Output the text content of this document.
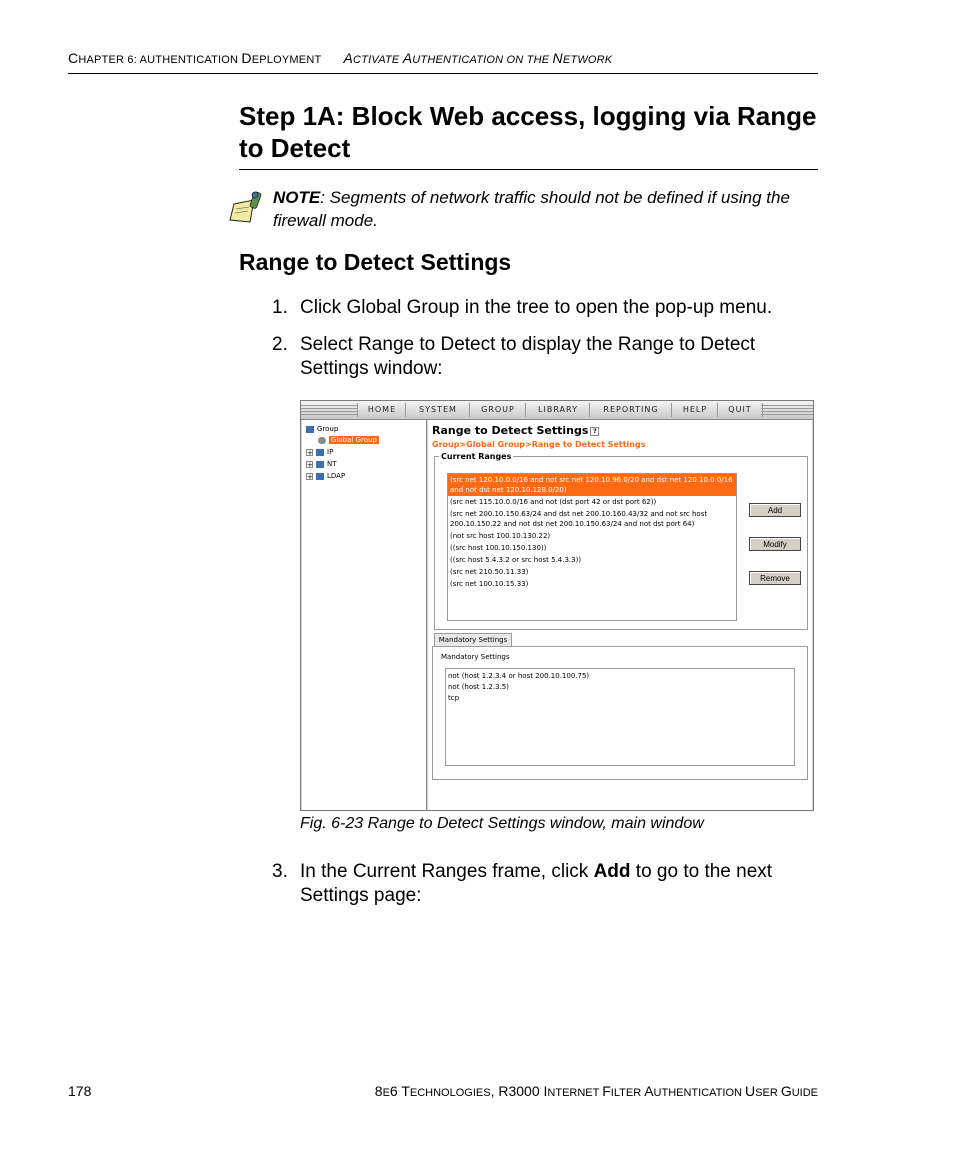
CHAPTER 6: AUTHENTICATION DEPLOYMENT ACTIVATE AUTHENTICATION ON THE NETWORK
Step 1A: Block Web access, logging via Range to Detect
NOTE: Segments of network traffic should not be defined if using the firewall mode.
Range to Detect Settings
1. Click Global Group in the tree to open the pop-up menu.
2. Select Range to Detect to display the Range to Detect Settings window:
HOME	SYSTEM	GROUP	LIBRARY	REPORTING	HELP	QUIT
Group
Global Group
+ IP
+ NT
+ LDAP
Range to Detect Settings ?
Group>Global Group>Range to Detect Settings
Current Ranges
(src net 120.10.0.0/16 and not src net 120.10.96.0/20 and dst net 120.10.0.0/16 and not dst net 120.10.128.0/20)
(src net 115.10.0.0/16 and not (dst port 42 or dst port 62))
(src net 200.10.150.63/24 and dst net 200.10.160.43/32 and not src host 200.10.150.22 and not dst net 200.10.150.63/24 and not dst port 64)
(not src host 100.10.130.22)
((src host 100.10.150.130))
((src host 5.4.3.2 or src host 5.4.3.3))
(src net 210.50.11.33)
(src net 100.10.15.33)
Add
Modify
Remove
Mandatory Settings
Mandatory Settings
not (host 1.2.3.4 or host 200.10.100.75)
not (host 1.2.3.5)
tcp
Fig. 6-23 Range to Detect Settings window, main window
3. In the Current Ranges frame, click Add to go to the next Settings page:
178	8E6 TECHNOLOGIES, R3000 INTERNET FILTER AUTHENTICATION USER GUIDE
